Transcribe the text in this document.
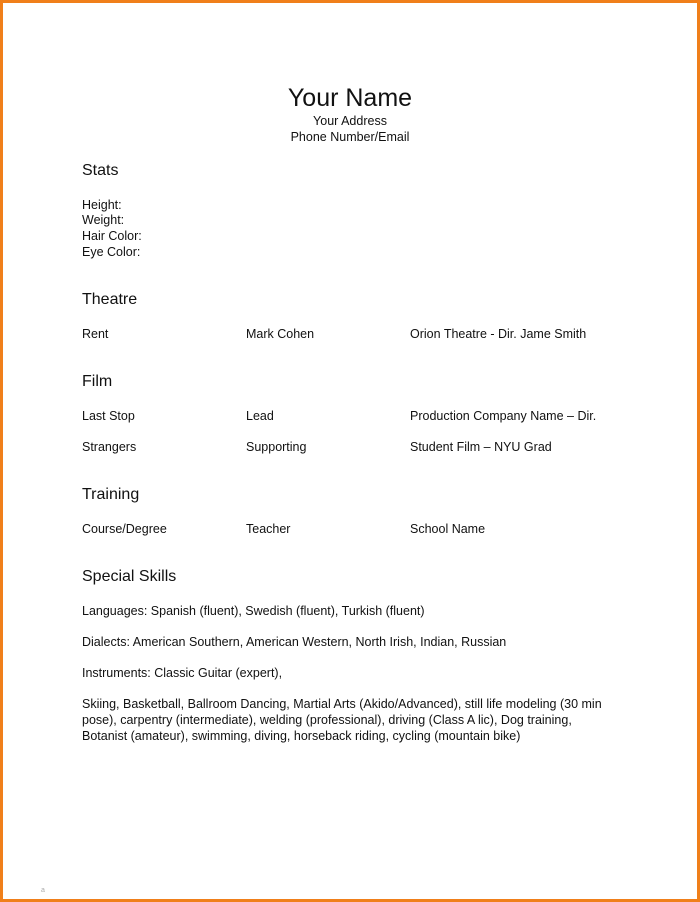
Your Name
Your Address
Phone Number/Email
Stats
Height:
Weight:
Hair Color:
Eye Color:
Theatre
Rent	Mark Cohen	Orion Theatre - Dir. Jame Smith
Film
Last Stop	Lead	Production Company Name – Dir.
Strangers	Supporting	Student Film – NYU Grad
Training
Course/Degree	Teacher	School Name
Special Skills
Languages: Spanish (fluent), Swedish (fluent), Turkish (fluent)
Dialects: American Southern, American Western, North Irish, Indian, Russian
Instruments: Classic Guitar (expert),
Skiing, Basketball, Ballroom Dancing, Martial Arts (Akido/Advanced), still life modeling (30 min pose), carpentry (intermediate), welding (professional), driving (Class A lic), Dog training, Botanist (amateur), swimming, diving, horseback riding, cycling (mountain bike)
a
